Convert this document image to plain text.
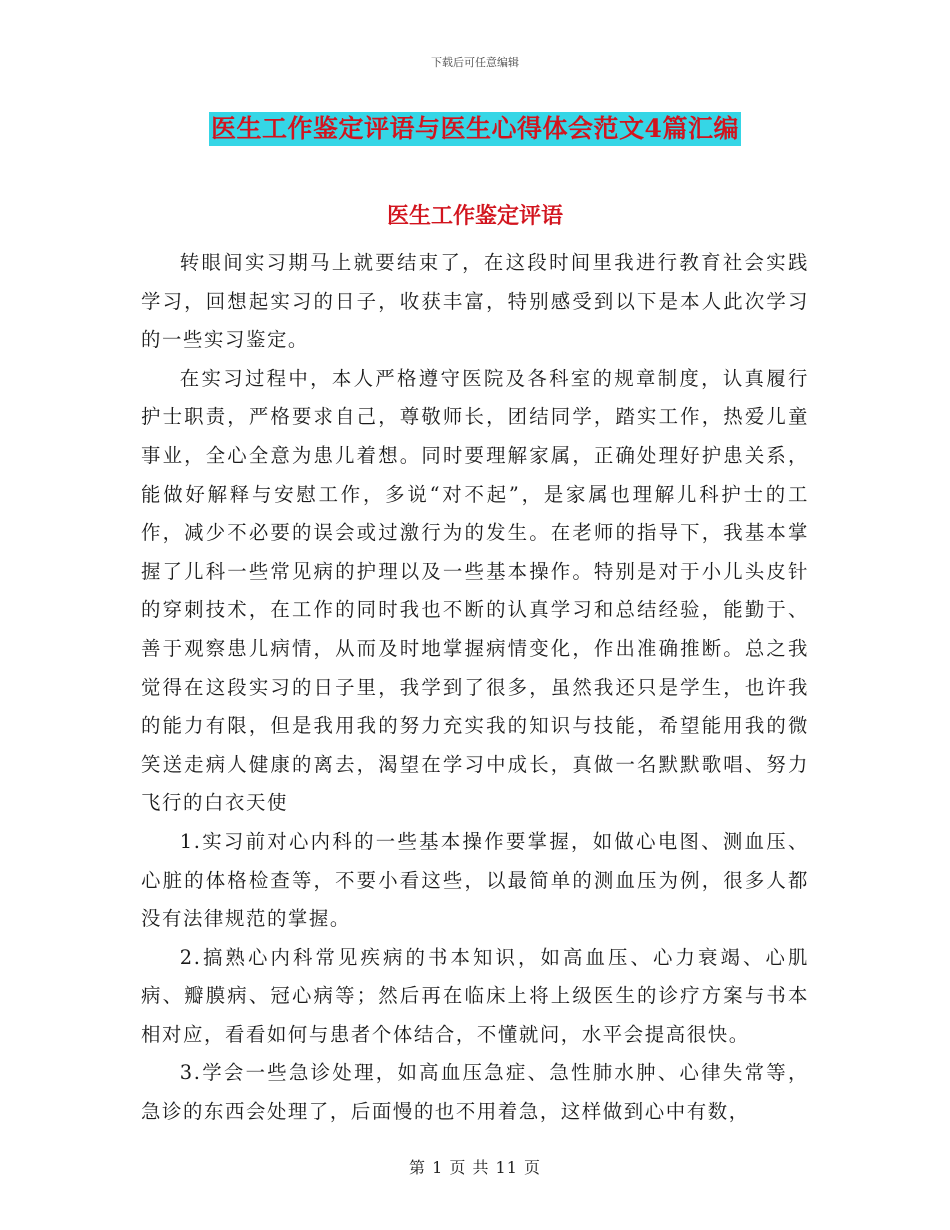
下载后可任意编辑
医生工作鉴定评语与医生心得体会范文4篇汇编
医生工作鉴定评语

转眼间实习期马上就要结束了，在这段时间里我进行教育社会实践学习，回想起实习的日子，收获丰富，特别感受到以下是本人此次学习的一些实习鉴定。

在实习过程中，本人严格遵守医院及各科室的规章制度，认真履行护士职责，严格要求自己，尊敬师长，团结同学，踏实工作，热爱儿童事业，全心全意为患儿着想。同时要理解家属，正确处理好护患关系，能做好解释与安慰工作，多说“对不起”，是家属也理解儿科护士的工作，减少不必要的误会或过激行为的发生。在老师的指导下，我基本掌握了儿科一些常见病的护理以及一些基本操作。特别是对于小儿头皮针的穿刺技术，在工作的同时我也不断的认真学习和总结经验，能勤于、善于观察患儿病情，从而及时地掌握病情变化，作出准确推断。总之我觉得在这段实习的日子里，我学到了很多，虽然我还只是学生，也许我的能力有限，但是我用我的努力充实我的知识与技能，希望能用我的微笑送走病人健康的离去，渴望在学习中成长，真做一名默默歌唱、努力飞行的白衣天使

1.实习前对心内科的一些基本操作要掌握，如做心电图、测血压、心脏的体格检查等，不要小看这些，以最简单的测血压为例，很多人都没有法律规范的掌握。

2.搞熟心内科常见疾病的书本知识，如高血压、心力衰竭、心肌病、瓣膜病、冠心病等；然后再在临床上将上级医生的诊疗方案与书本相对应，看看如何与患者个体结合，不懂就问，水平会提高很快。

3.学会一些急诊处理，如高血压急症、急性肺水肿、心律失常等，急诊的东西会处理了，后面慢的也不用着急，这样做到心中有数，

第 1 页 共 11 页
